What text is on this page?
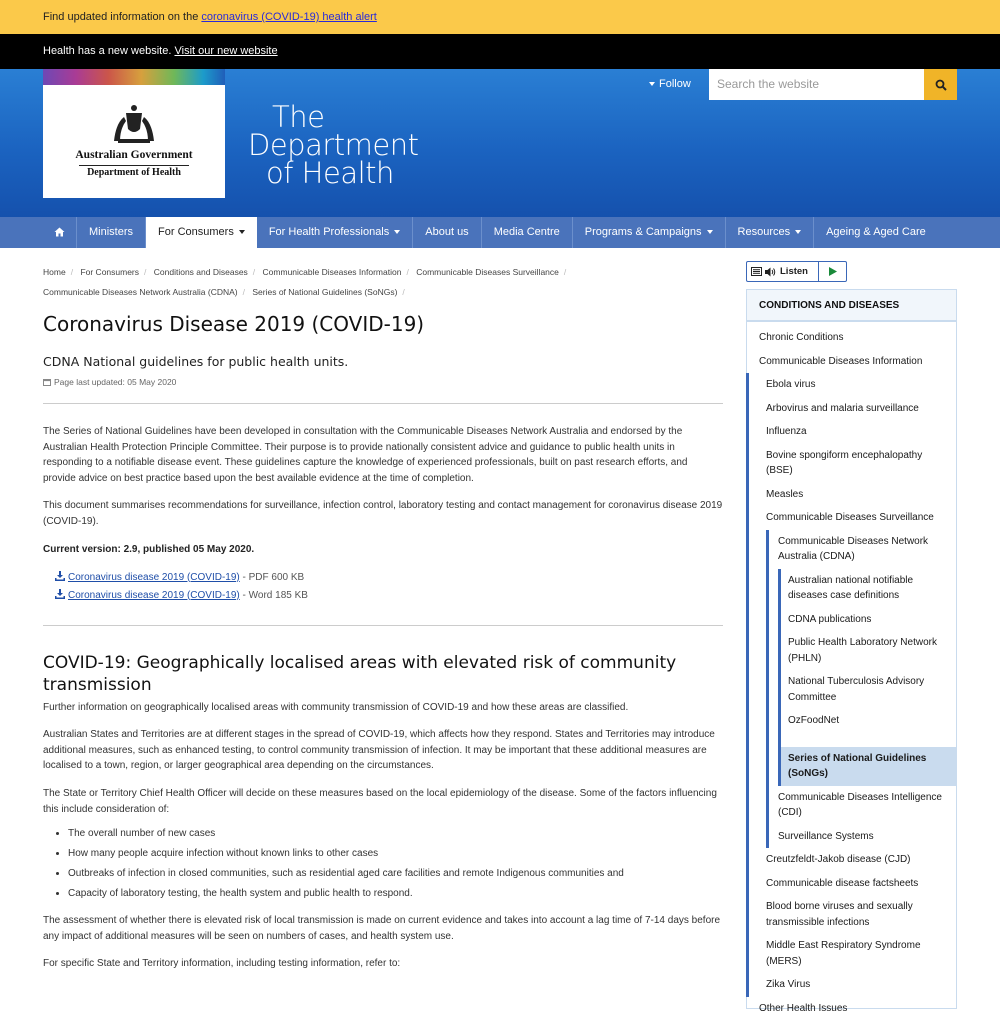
Find updated information on the coronavirus (COVID-19) health alert
Health has a new website. Visit our new website
Australian Government
Department of Health
The
Department
of Health
Follow	Search the website
Ministers	For Consumers	For Health Professionals	About us	Media Centre	Programs & Campaigns	Resources	Ageing & Aged Care
Home / For Consumers / Conditions and Diseases / Communicable Diseases Information / Communicable Diseases Surveillance /
Communicable Diseases Network Australia (CDNA) / Series of National Guidelines (SoNGs) /
Coronavirus Disease 2019 (COVID-19)
CDNA National guidelines for public health units.
Page last updated: 05 May 2020

The Series of National Guidelines have been developed in consultation with the Communicable Diseases Network Australia and endorsed by the Australian Health Protection Principle Committee. Their purpose is to provide nationally consistent advice and guidance to public health units in responding to a notifiable disease event. These guidelines capture the knowledge of experienced professionals, built on past research efforts, and provide advice on best practice based upon the best available evidence at the time of completion.

This document summarises recommendations for surveillance, infection control, laboratory testing and contact management for coronavirus disease 2019 (COVID-19).

Current version: 2.9, published 05 May 2020.
Coronavirus disease 2019 (COVID-19) - PDF 600 KB
Coronavirus disease 2019 (COVID-19) - Word 185 KB
COVID-19: Geographically localised areas with elevated risk of community transmission

Further information on geographically localised areas with community transmission of COVID-19 and how these areas are classified.

Australian States and Territories are at different stages in the spread of COVID-19, which affects how they respond. States and Territories may introduce additional measures, such as enhanced testing, to control community transmission of infection. It may be important that these additional measures are localised to a town, region, or larger geographical area depending on the circumstances.

The State or Territory Chief Health Officer will decide on these measures based on the local epidemiology of the disease. Some of the factors influencing this include consideration of:

• The overall number of new cases
• How many people acquire infection without known links to other cases
• Outbreaks of infection in closed communities, such as residential aged care facilities and remote Indigenous communities and
• Capacity of laboratory testing, the health system and public health to respond.

The assessment of whether there is elevated risk of local transmission is made on current evidence and takes into account a lag time of 7-14 days before any impact of additional measures will be seen on numbers of cases, and health system use.

For specific State and Territory information, including testing information, refer to:

Listen
CONDITIONS AND DISEASES
Chronic Conditions
Communicable Diseases Information
Ebola virus
Arbovirus and malaria surveillance
Influenza
Bovine spongiform encephalopathy (BSE)
Measles
Communicable Diseases Surveillance
Communicable Diseases Network Australia (CDNA)
Australian national notifiable diseases case definitions
CDNA publications
Public Health Laboratory Network (PHLN)
National Tuberculosis Advisory Committee
OzFoodNet
Series of National Guidelines (SoNGs)
Communicable Diseases Intelligence (CDI)
Surveillance Systems
Creutzfeldt-Jakob disease (CJD)
Communicable disease factsheets
Blood borne viruses and sexually transmissible infections
Middle East Respiratory Syndrome (MERS)
Zika Virus
Other Health Issues
